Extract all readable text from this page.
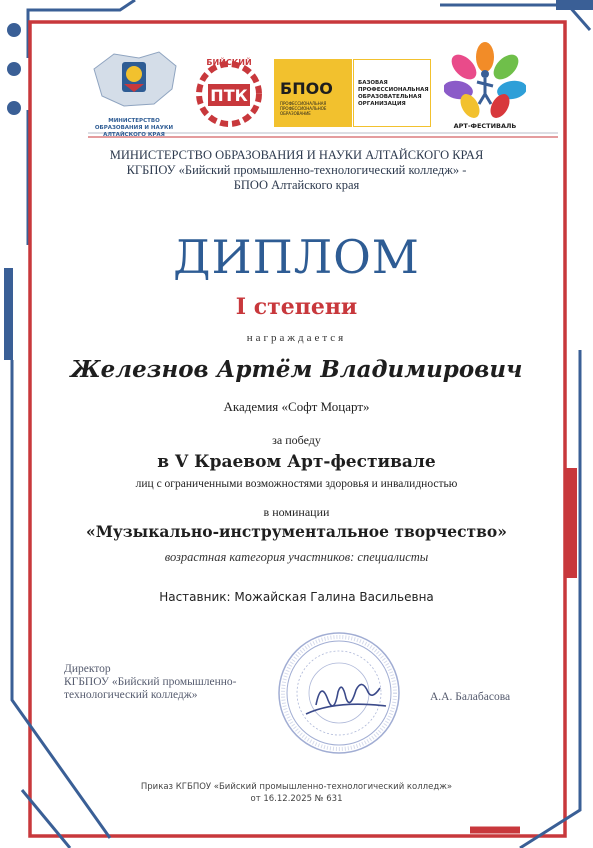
МИНИСТЕРСТВО ОБРАЗОВАНИЯ И НАУКИ АЛТАЙСКОГО КРАЯ
БИЙСКИЙ
ПТК	БПОО
ПРОФЕССИОНАЛЬНАЯ ПРОФЕССИОНАЛЬНОЕ ОБРАЗОВАНИЕ
БАЗОВАЯ ПРОФЕССИОНАЛЬНАЯ ОБРАЗОВАТЕЛЬНАЯ ОРГАНИЗАЦИЯ
АРТ-ФЕСТИВАЛЬ
МИНИСТЕРСТВО ОБРАЗОВАНИЯ И НАУКИ АЛТАЙСКОГО КРАЯ
КГБПОУ «Бийский промышленно-технологический колледж» -
БПОО Алтайского края
ДИПЛОМ
I степени
награждается
Железнов Артём Владимирович
Академия «Софт Моцарт»
за победу
в V Краевом Арт-фестивале
лиц с ограниченными возможностями здоровья и инвалидностью
в номинации
«Музыкально-инструментальное творчество»
возрастная категория участников: специалисты
Наставник: Можайская Галина Васильевна
Директор
КГБПОУ «Бийский промышленно-
технологический колледж»	А.А. Балабасова
Приказ КГБПОУ «Бийский промышленно-технологический колледж»
от 16.12.2025 № 631
